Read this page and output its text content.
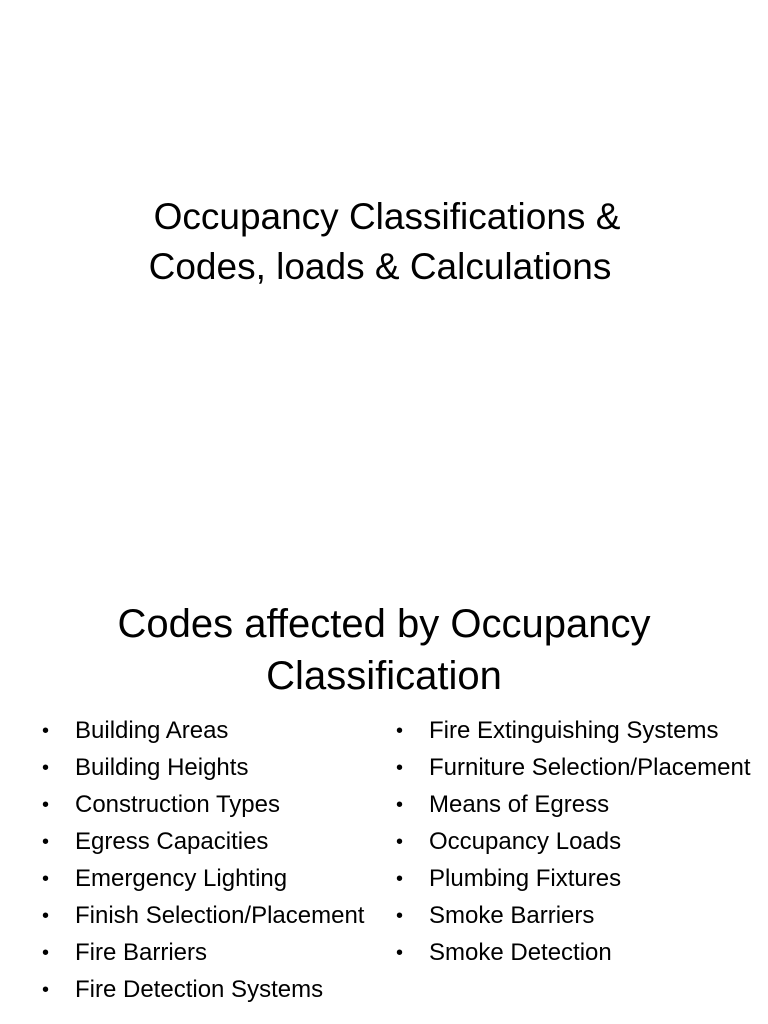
Occupancy Classifications &
Codes, loads & Calculations
Codes affected by Occupancy
Classification
• Building Areas
• Building Heights
• Construction Types
• Egress Capacities
• Emergency Lighting
• Finish Selection/Placement
• Fire Barriers
• Fire Detection Systems
• Fire Extinguishing Systems
• Furniture Selection/Placement
• Means of Egress
• Occupancy Loads
• Plumbing Fixtures
• Smoke Barriers
• Smoke Detection
